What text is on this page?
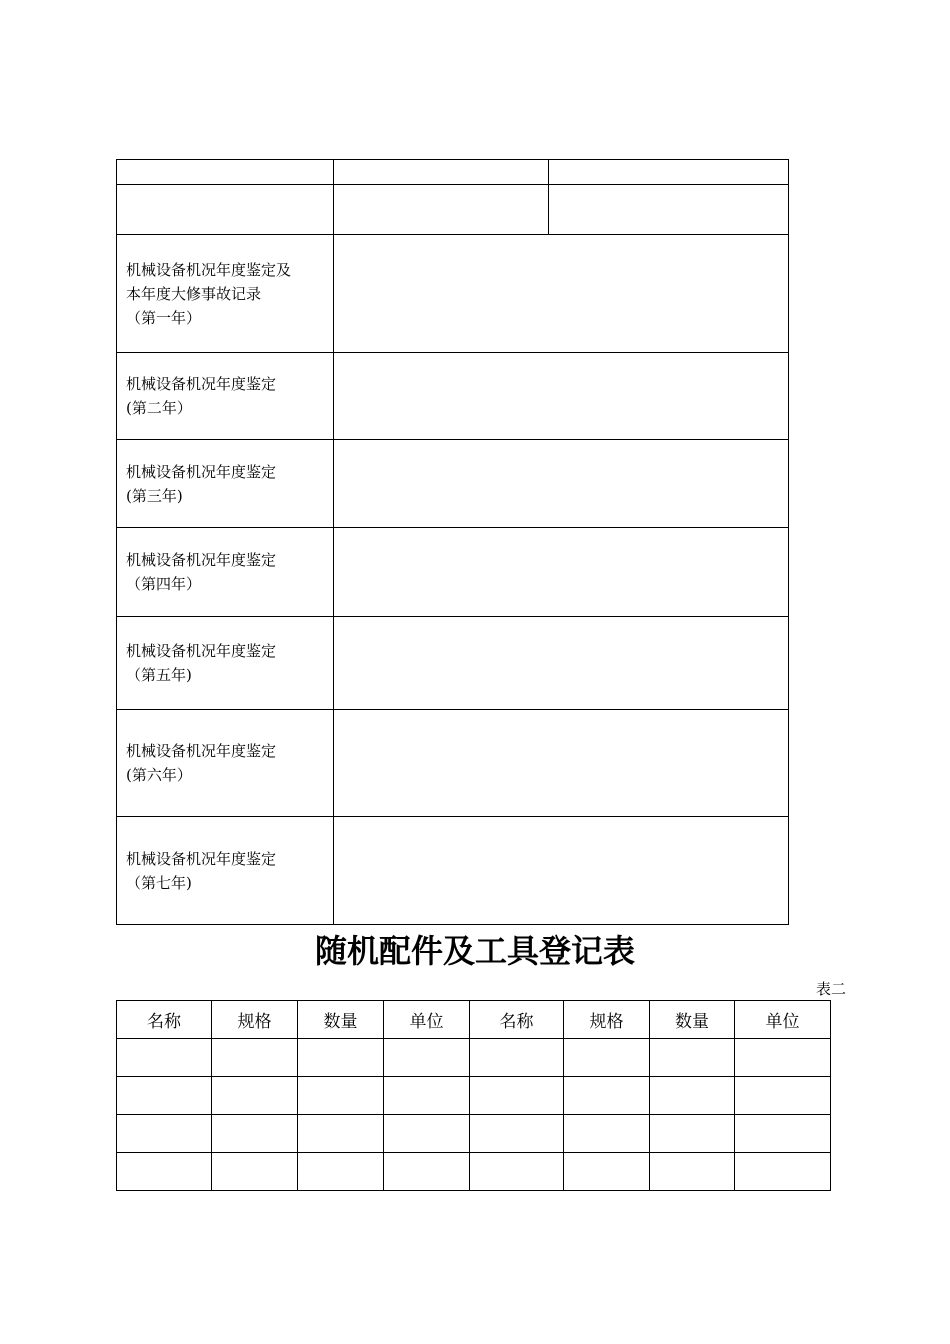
机械设备机况年度鉴定及
本年度大修事故记录
（第一年）		

机械设备机况年度鉴定
(第二年）		

机械设备机况年度鉴定
(第三年)		

机械设备机况年度鉴定
（第四年）		

机械设备机况年度鉴定
（第五年)		

机械设备机况年度鉴定
(第六年）		

机械设备机况年度鉴定
（第七年)		

随机配件及工具登记表
表二
名称	规格	数量	单位	名称	规格	数量	单位
